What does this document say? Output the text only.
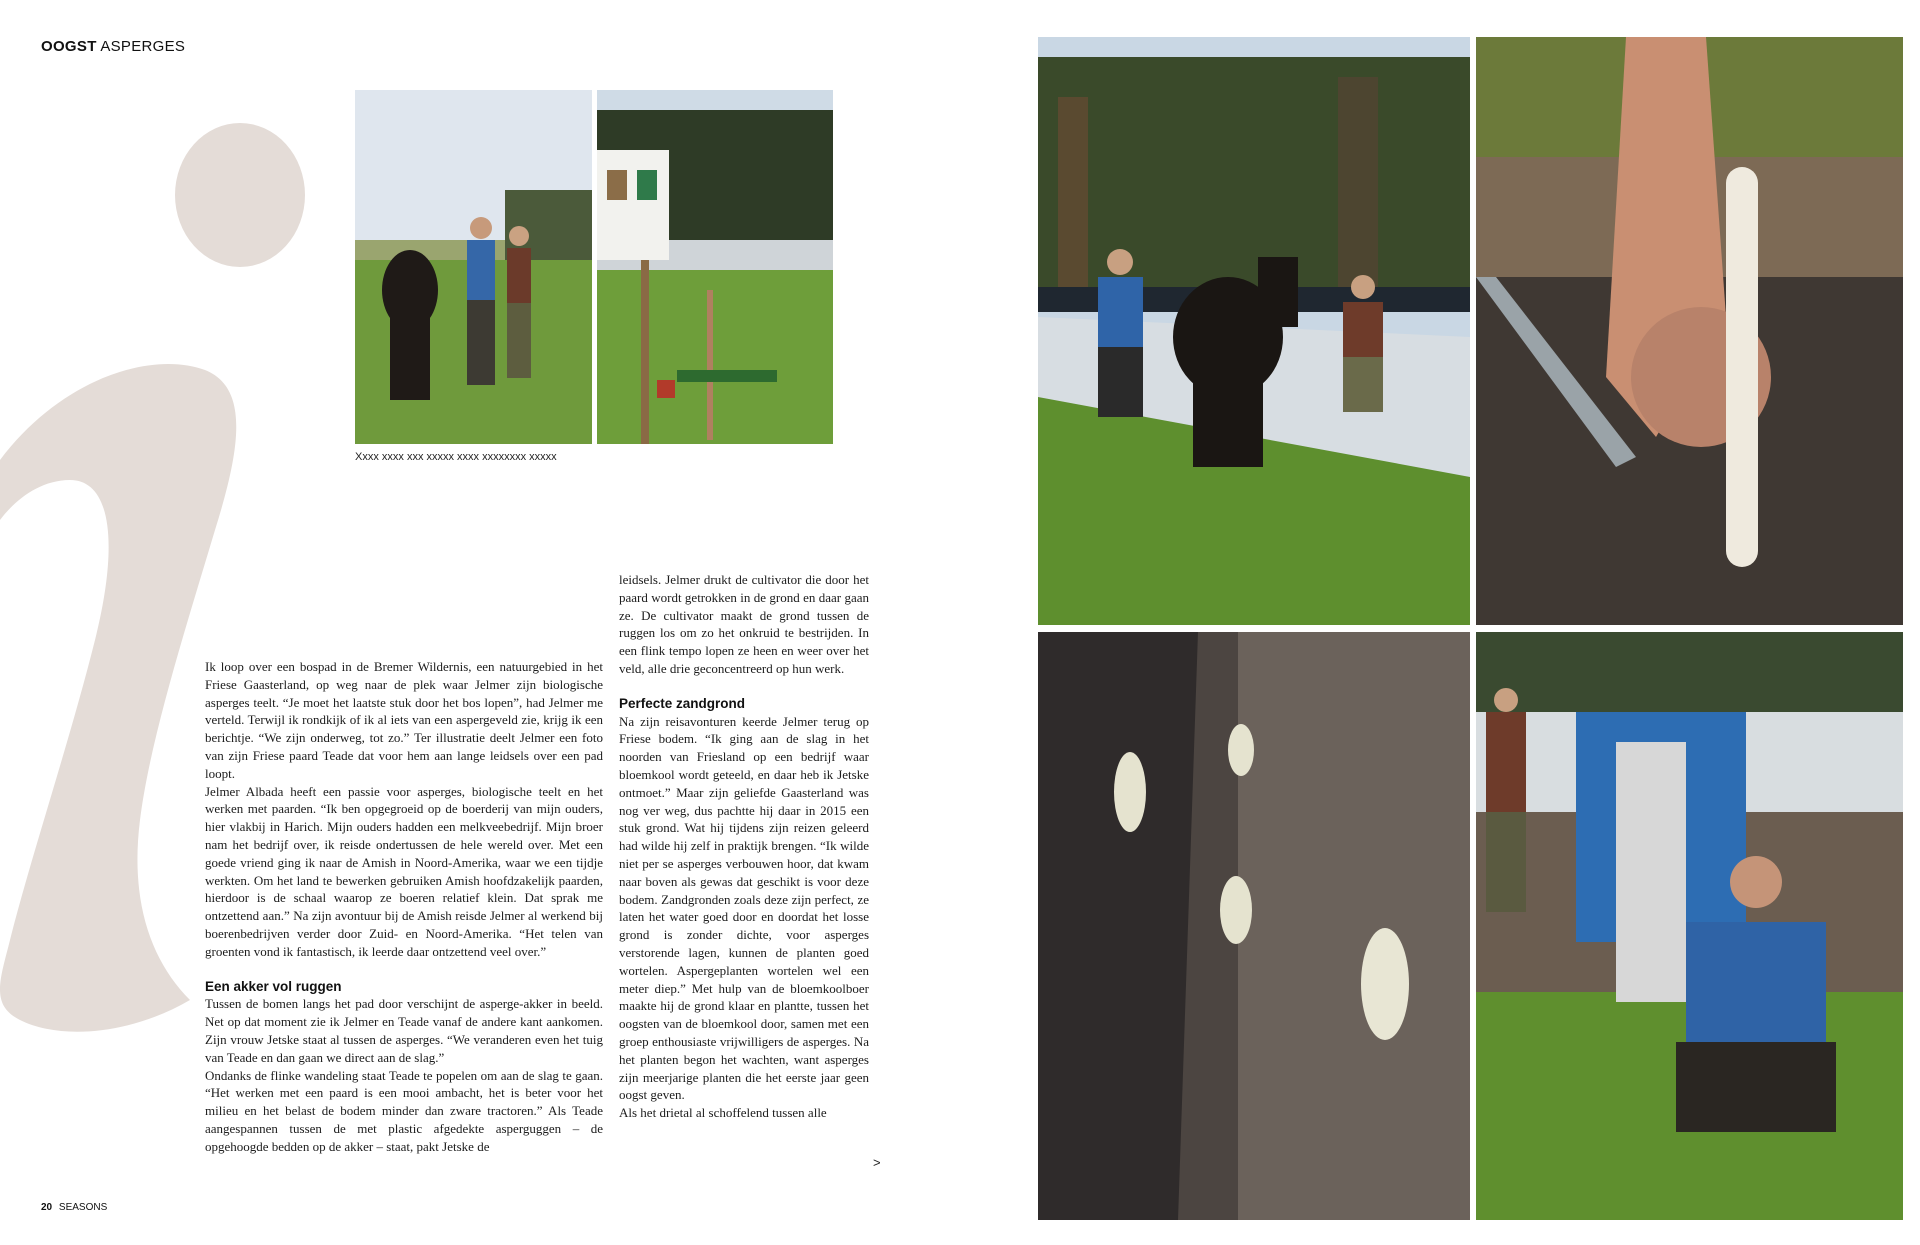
OOGST ASPERGES
Xxxx xxxx xxx xxxxx xxxx xxxxxxxx xxxxx

Ik loop over een bospad in de Bremer Wildernis, een natuurgebied in het Friese Gaasterland, op weg naar de plek waar Jelmer zijn biologische asperges teelt. “Je moet het laatste stuk door het bos lopen”, had Jelmer me verteld. Terwijl ik rondkijk of ik al iets van een aspergeveld zie, krijg ik een berichtje. “We zijn onderweg, tot zo.” Ter illustratie deelt Jelmer een foto van zijn Friese paard Teade dat voor hem aan lange leidsels over een pad loopt.

Jelmer Albada heeft een passie voor asperges, biologische teelt en het werken met paarden. “Ik ben opgegroeid op de boerderij van mijn ouders, hier vlakbij in Harich. Mijn ouders hadden een melkveebedrijf. Mijn broer nam het bedrijf over, ik reisde ondertussen de hele wereld over. Met een goede vriend ging ik naar de Amish in Noord-Amerika, waar we een tijdje werkten. Om het land te bewerken gebruiken Amish hoofdzakelijk paarden, hierdoor is de schaal waarop ze boeren relatief klein. Dat sprak me ontzettend aan.” Na zijn avontuur bij de Amish reisde Jelmer al werkend bij boerenbedrijven verder door Zuid- en Noord-Amerika. “Het telen van groenten vond ik fantastisch, ik leerde daar ontzettend veel over.”

Een akker vol ruggen

Tussen de bomen langs het pad door verschijnt de asperge-akker in beeld. Net op dat moment zie ik Jelmer en Teade vanaf de andere kant aankomen. Zijn vrouw Jetske staat al tussen de asperges. “We veranderen even het tuig van Teade en dan gaan we direct aan de slag.”

Ondanks de flinke wandeling staat Teade te popelen om aan de slag te gaan. “Het werken met een paard is een mooi ambacht, het is beter voor het milieu en het belast de bodem minder dan zware tractoren.” Als Teade aangespannen tussen de met plastic afgedekte asperguggen – de opgehoogde bedden op de akker – staat, pakt Jetske de

leidsels. Jelmer drukt de cultivator die door het paard wordt getrokken in de grond en daar gaan ze. De cultivator maakt de grond tussen de ruggen los om zo het onkruid te bestrijden. In een flink tempo lopen ze heen en weer over het veld, alle drie geconcentreerd op hun werk.

Perfecte zandgrond

Na zijn reisavonturen keerde Jelmer terug op Friese bodem. “Ik ging aan de slag in het noorden van Friesland op een bedrijf waar bloemkool wordt geteeld, en daar heb ik Jetske ontmoet.” Maar zijn geliefde Gaasterland was nog ver weg, dus pachtte hij daar in 2015 een stuk grond. Wat hij tijdens zijn reizen geleerd had wilde hij zelf in praktijk brengen. “Ik wilde niet per se asperges verbouwen hoor, dat kwam naar boven als gewas dat geschikt is voor deze bodem. Zandgronden zoals deze zijn perfect, ze laten het water goed door en doordat het losse grond is zonder dichte, voor asperges verstorende lagen, kunnen de planten goed wortelen. Aspergeplanten wortelen wel een meter diep.” Met hulp van de bloemkoolboer maakte hij de grond klaar en plantte, tussen het oogsten van de bloemkool door, samen met een groep enthousiaste vrijwilligers de asperges. Na het planten begon het wachten, want asperges zijn meerjarige planten die het eerste jaar geen oogst geven.

Als het drietal al schoffelend tussen alle

>
20 SEASONS
